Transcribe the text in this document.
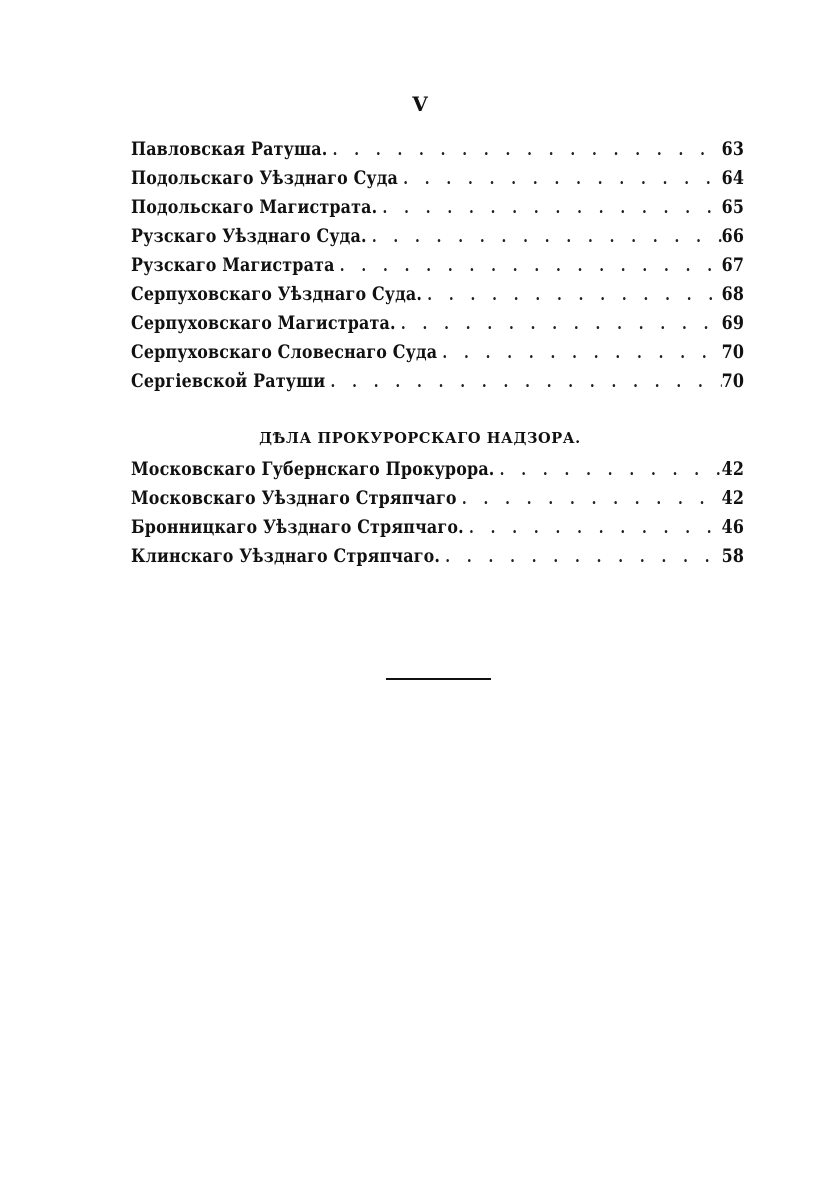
V
Павловская Ратуша. . . .	63
Подольскаго Уѣзднаго Суда . . .	64
Подольскаго Магистрата. . . .	65
Рузскаго Уѣзднаго Суда. . . .	66
Рузскаго Магистрата . . .	67
Серпуховскаго Уѣзднаго Суда. . . .	68
Серпуховскаго Магистрата. . . .	69
Серпуховскаго Словеснаго Суда . . .	70
Сергіевской Ратуши . . .	70
ДѢЛА ПРОКУРОРСКАГО НАДЗОРА.
Московскаго Губернскаго Прокурора. . . .	42
Московскаго Уѣзднаго Стряпчаго . . .	42
Бронницкаго Уѣзднаго Стряпчаго. . . .	46
Клинскаго Уѣзднаго Стряпчаго. . . .	58
